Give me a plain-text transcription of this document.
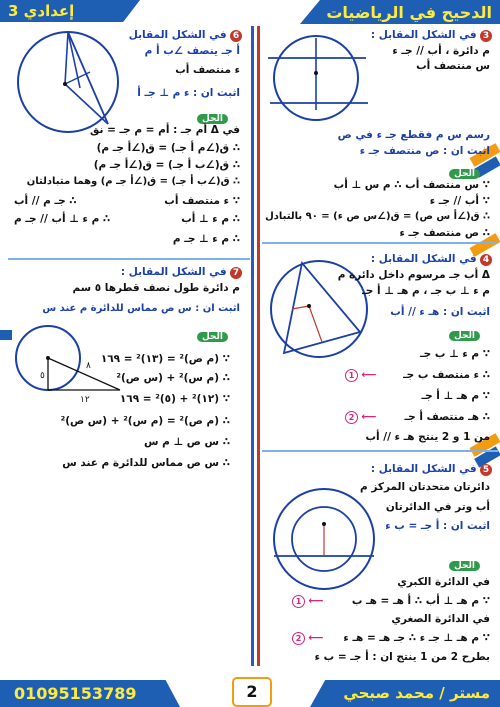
3 إعدادي	الدحيح في الرياضيات
3 في الشكل المقابل :
م دائرة ، أب // جـ ء
س منتصف أب
رسم س م فقطع جـ ء في ص
اثبت ان : ص منتصف جـ ء
الحل
∵ س منتصف أب ∴ م س ⊥ أب
∵ أب // جـ ء
∴ ق(∠أ س ص) = ق(∠س ص ء) = ٩٠ بالتبادل
∴ ص منتصف جـ ء
4 في الشكل المقابل :
Δ أب جـ مرسوم داخل دائرة م
م ء ⊥ ب جـ ، م هـ ⊥ أ جـ
اثبت ان : هـ ء // أب
الحل
∵ م ء ⊥ ب جـ
∴ ء منتصف ب جـ
1 ⟵
∵ م هـ ⊥ أ جـ
∴ هـ منتصف أ جـ
2 ⟵
من 1 و 2 ينتج هـ ء // أب
5 في الشكل المقابل :
دائرتان متحدتان المركز م
أب وتر في الدائرتان
اثبت ان : أ جـ = ب ء
الحل
في الدائرة الكبري
∵ م هـ ⊥ أب ∴ أ هـ = هـ ب
1 ⟵
في الدائرة الصغري
∵ م هـ ⊥ جـ ء ∴ جـ هـ = هـ ء
2 ⟵
بطرح 2 من 1 ينتج ان : أ جـ = ب ء
6 في الشكل المقابل
أ جـ ينصف ∠ب أ م
ء منتصف أب
اثبت ان : ء م ⊥ جـ أ
الحل
في Δ أم جـ : أم = م جـ = نق
∴ ق(∠م أ جـ) = ق(∠أ جـ م)
∴ ق(∠ب أ جـ) = ق(∠أ جـ م)
∴ ق(∠ب أ جـ) = ق(∠أ جـ م) وهما متبادلتان
∵ ء منتصف أب
∴ جـ م // أب
∴ م ء ⊥ أب
∴ م ء ⊥ جـ م
∴ م ء ⊥ أب // جـ م
١٢
٥
٨
7 في الشكل المقابل :
م دائرة طول نصف قطرها ٥ سم
اثبت ان : س ص مماس للدائرة م عند س
الحل
∵ (م ص)² = (١٣)² = ١٦٩
∴ (م س)² + (س ص)²
∵ (١٢)² + (٥)² = ١٦٩
∴ (م ص)² = (م س)² + (س ص)²
∴ س ص ⊥ م س
∴ س ص مماس للدائرة م عند س
01095153789	2	مستر / محمد صبحي
